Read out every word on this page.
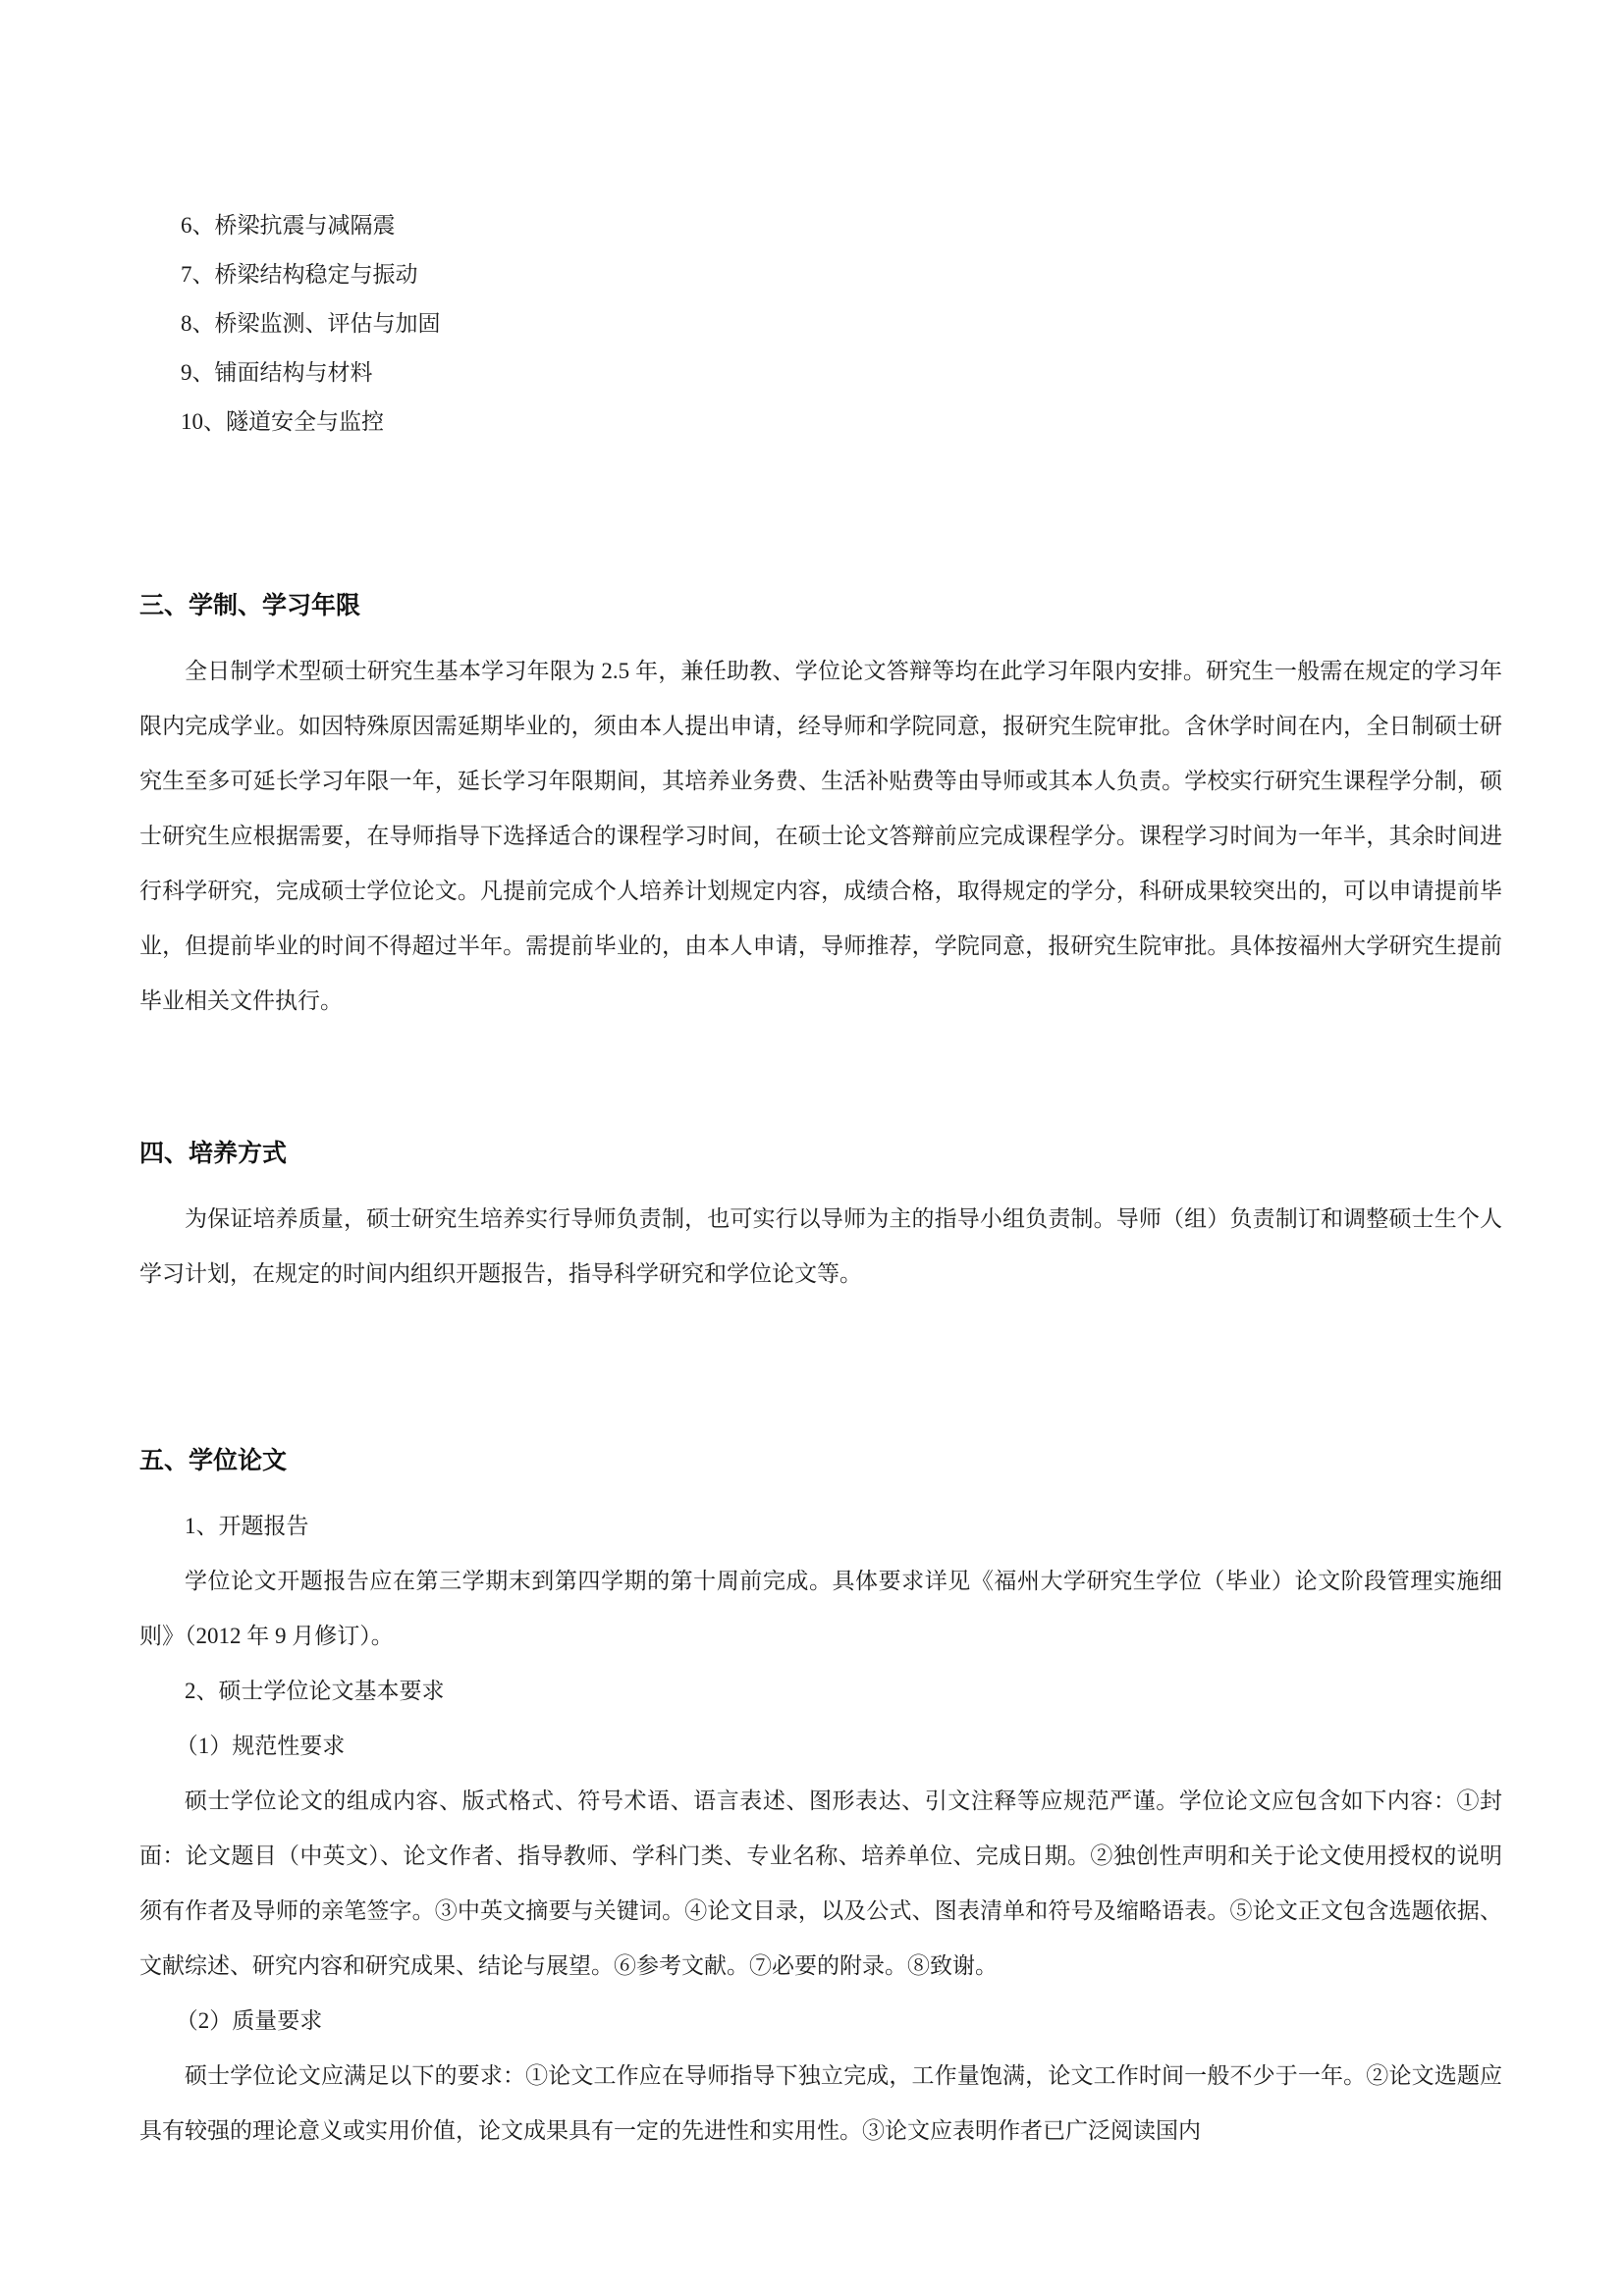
6、桥梁抗震与减隔震

7、桥梁结构稳定与振动

8、桥梁监测、评估与加固

9、铺面结构与材料

10、隧道安全与监控

三、学制、学习年限

全日制学术型硕士研究生基本学习年限为 2.5 年，兼任助教、学位论文答辩等均在此学习年限内安排。研究生一般需在规定的学习年限内完成学业。如因特殊原因需延期毕业的，须由本人提出申请，经导师和学院同意，报研究生院审批。含休学时间在内，全日制硕士研究生至多可延长学习年限一年，延长学习年限期间，其培养业务费、生活补贴费等由导师或其本人负责。学校实行研究生课程学分制，硕士研究生应根据需要，在导师指导下选择适合的课程学习时间，在硕士论文答辩前应完成课程学分。课程学习时间为一年半，其余时间进行科学研究，完成硕士学位论文。凡提前完成个人培养计划规定内容，成绩合格，取得规定的学分，科研成果较突出的，可以申请提前毕业，但提前毕业的时间不得超过半年。需提前毕业的，由本人申请，导师推荐，学院同意，报研究生院审批。具体按福州大学研究生提前毕业相关文件执行。

四、培养方式

为保证培养质量，硕士研究生培养实行导师负责制，也可实行以导师为主的指导小组负责制。导师（组）负责制订和调整硕士生个人学习计划，在规定的时间内组织开题报告，指导科学研究和学位论文等。

五、学位论文

1、开题报告

学位论文开题报告应在第三学期末到第四学期的第十周前完成。具体要求详见《福州大学研究生学位（毕业）论文阶段管理实施细则》（2012 年 9 月修订）。

2、硕士学位论文基本要求

（1）规范性要求

硕士学位论文的组成内容、版式格式、符号术语、语言表述、图形表达、引文注释等应规范严谨。学位论文应包含如下内容：①封面：论文题目（中英文）、论文作者、指导教师、学科门类、专业名称、培养单位、完成日期。②独创性声明和关于论文使用授权的说明须有作者及导师的亲笔签字。③中英文摘要与关键词。④论文目录，以及公式、图表清单和符号及缩略语表。⑤论文正文包含选题依据、文献综述、研究内容和研究成果、结论与展望。⑥参考文献。⑦必要的附录。⑧致谢。

（2）质量要求

硕士学位论文应满足以下的要求：①论文工作应在导师指导下独立完成，工作量饱满，论文工作时间一般不少于一年。②论文选题应具有较强的理论意义或实用价值，论文成果具有一定的先进性和实用性。③论文应表明作者已广泛阅读国内
